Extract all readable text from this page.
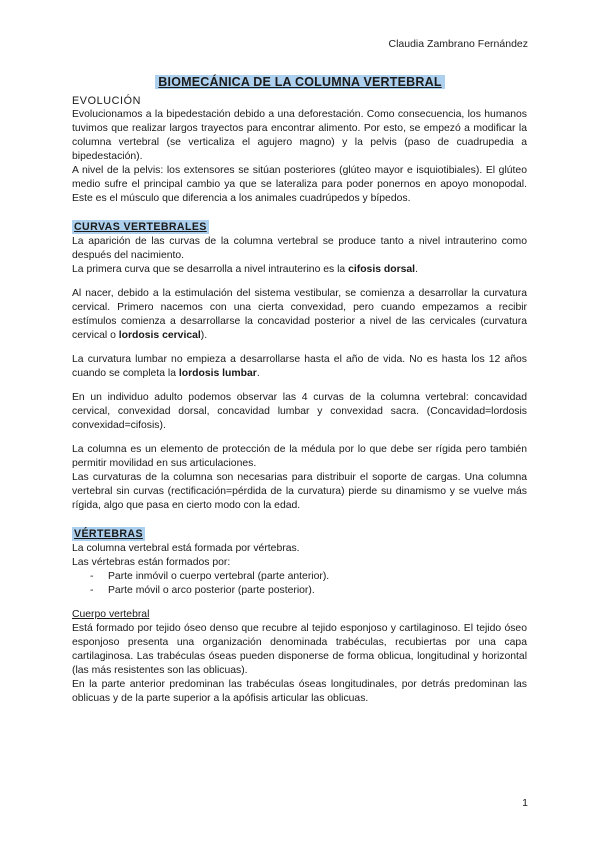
Claudia Zambrano Fernández
BIOMECÁNICA DE LA COLUMNA VERTEBRAL

EVOLUCIÓN

Evolucionamos a la bipedestación debido a una deforestación. Como consecuencia, los humanos tuvimos que realizar largos trayectos para encontrar alimento. Por esto, se empezó a modificar la columna vertebral (se verticaliza el agujero magno) y la pelvis (paso de cuadrupedia a bipedestación).

A nivel de la pelvis: los extensores se sitúan posteriores (glúteo mayor e isquiotibiales). El glúteo medio sufre el principal cambio ya que se lateraliza para poder ponernos en apoyo monopodal. Este es el músculo que diferencia a los animales cuadrúpedos y bípedos.

CURVAS VERTEBRALES

La aparición de las curvas de la columna vertebral se produce tanto a nivel intrauterino como después del nacimiento.

La primera curva que se desarrolla a nivel intrauterino es la cifosis dorsal.

Al nacer, debido a la estimulación del sistema vestibular, se comienza a desarrollar la curvatura cervical. Primero nacemos con una cierta convexidad, pero cuando empezamos a recibir estímulos comienza a desarrollarse la concavidad posterior a nivel de las cervicales (curvatura cervical o lordosis cervical).

La curvatura lumbar no empieza a desarrollarse hasta el año de vida. No es hasta los 12 años cuando se completa la lordosis lumbar.

En un individuo adulto podemos observar las 4 curvas de la columna vertebral: concavidad cervical, convexidad dorsal, concavidad lumbar y convexidad sacra. (Concavidad=lordosis convexidad=cifosis).

La columna es un elemento de protección de la médula por lo que debe ser rígida pero también permitir movilidad en sus articulaciones.

Las curvaturas de la columna son necesarias para distribuir el soporte de cargas. Una columna vertebral sin curvas (rectificación=pérdida de la curvatura) pierde su dinamismo y se vuelve más rígida, algo que pasa en cierto modo con la edad.

VÉRTEBRAS

La columna vertebral está formada por vértebras.

Las vértebras están formados por:

- Parte inmóvil o cuerpo vertebral (parte anterior).
- Parte móvil o arco posterior (parte posterior).

Cuerpo vertebral

Está formado por tejido óseo denso que recubre al tejido esponjoso y cartilaginoso. El tejido óseo esponjoso presenta una organización denominada trabéculas, recubiertas por una capa cartilaginosa. Las trabéculas óseas pueden disponerse de forma oblicua, longitudinal y horizontal (las más resistentes son las oblicuas).

En la parte anterior predominan las trabéculas óseas longitudinales, por detrás predominan las oblicuas y de la parte superior a la apófisis articular las oblicuas.

1
